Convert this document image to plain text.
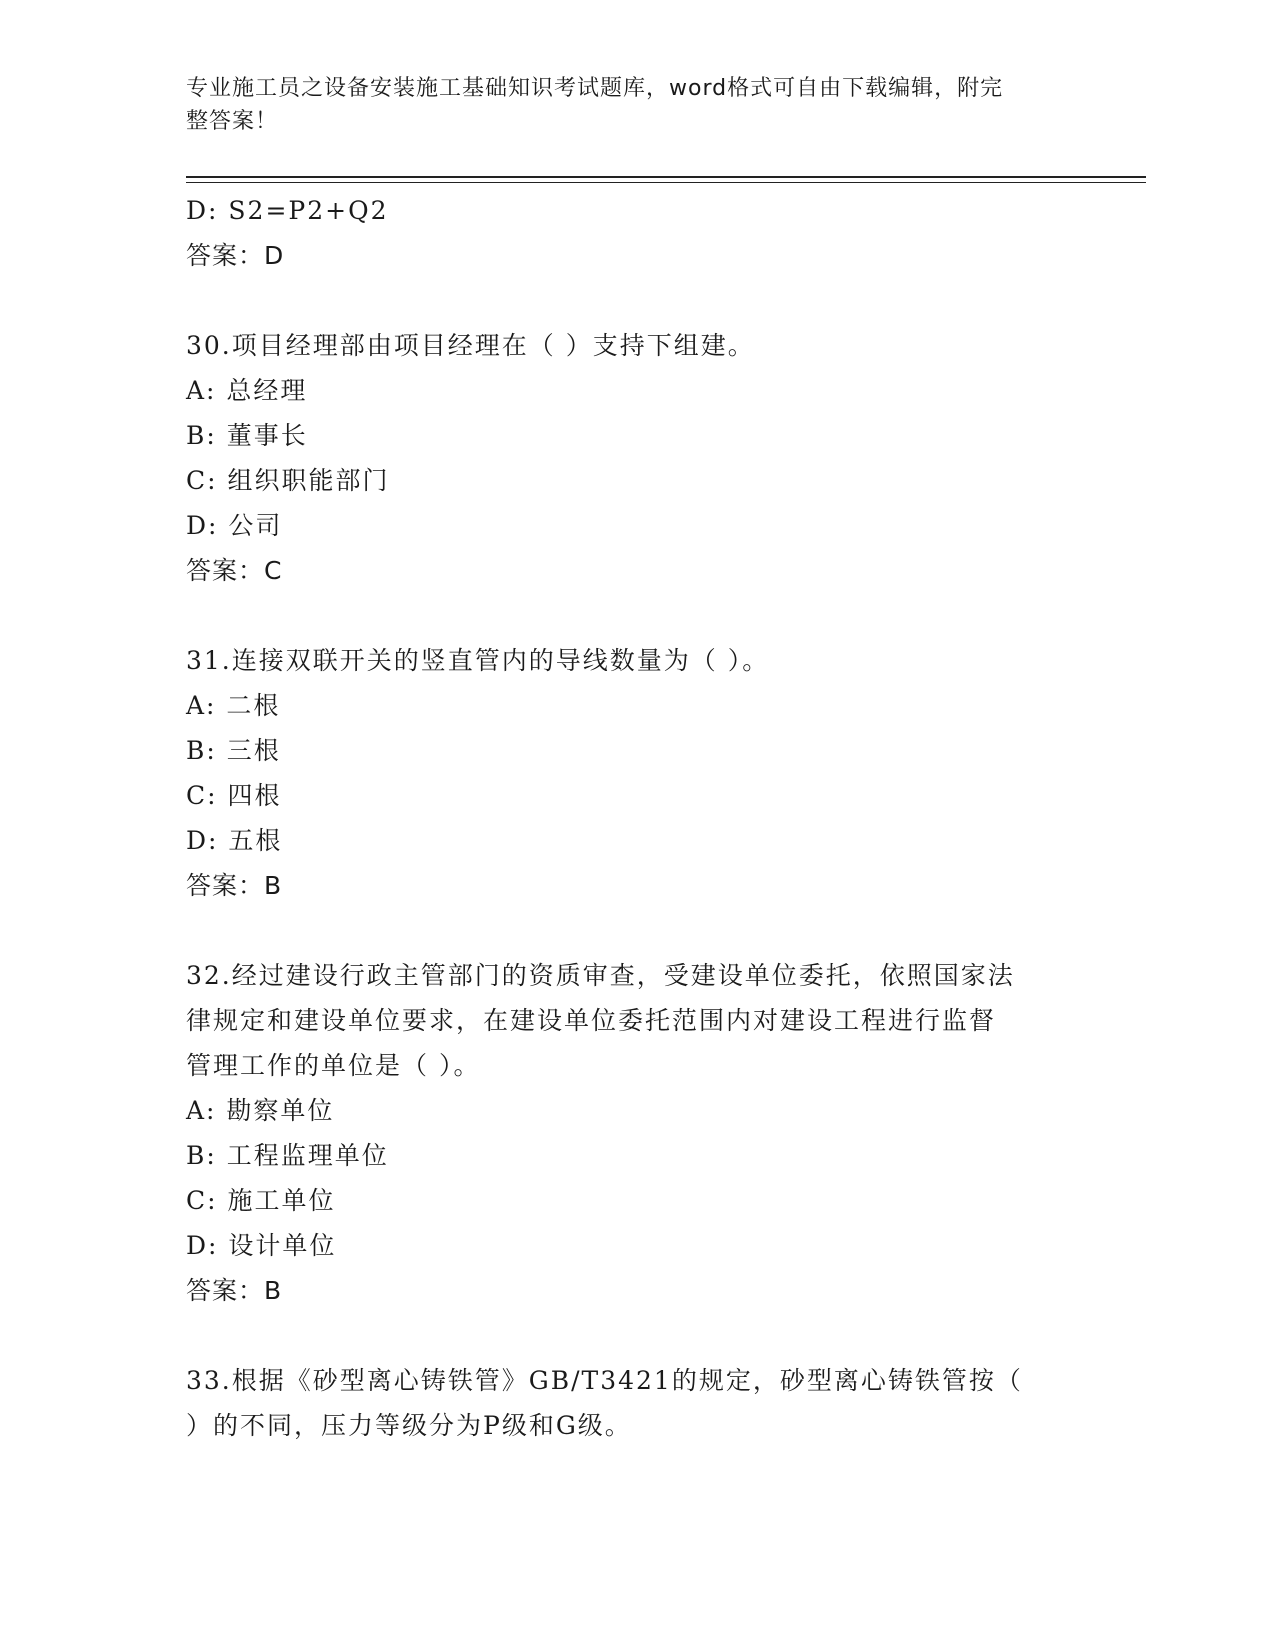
专业施工员之设备安装施工基础知识考试题库，word格式可自由下载编辑，附完
整答案！
D: S2=P2+Q2
答案：D
30.项目经理部由项目经理在（ ）支持下组建。
A: 总经理
B: 董事长
C: 组织职能部门
D: 公司
答案：C
31.连接双联开关的竖直管内的导线数量为（ ）。
A: 二根
B: 三根
C: 四根
D: 五根
答案：B
32.经过建设行政主管部门的资质审查，受建设单位委托，依照国家法
律规定和建设单位要求，在建设单位委托范围内对建设工程进行监督
管理工作的单位是（ ）。
A: 勘察单位
B: 工程监理单位
C: 施工单位
D: 设计单位
答案：B
33.根据《砂型离心铸铁管》GB/T3421的规定，砂型离心铸铁管按（
）的不同，压力等级分为P级和G级。
